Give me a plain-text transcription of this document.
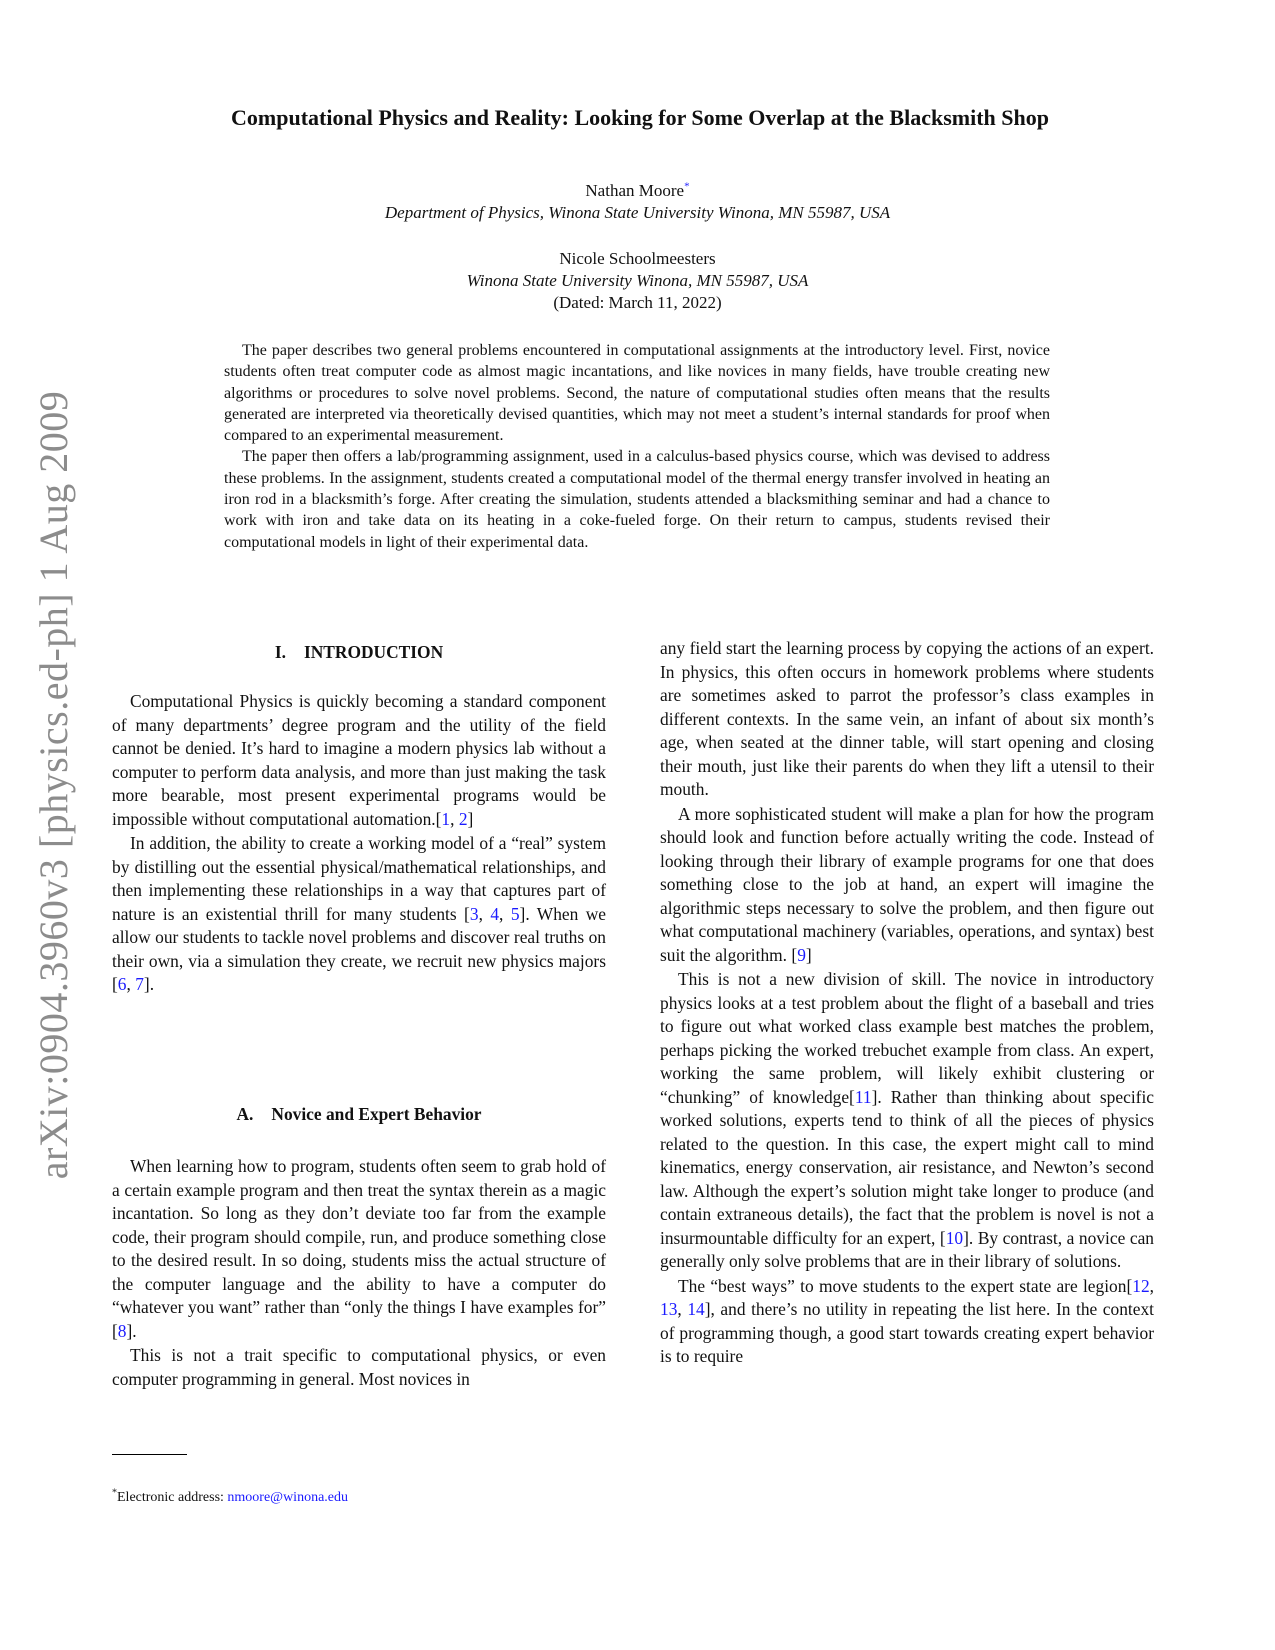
arXiv:0904.3960v3 [physics.ed-ph] 1 Aug 2009
Computational Physics and Reality: Looking for Some Overlap at the Blacksmith Shop
Nathan Moore*
Department of Physics, Winona State University Winona, MN 55987, USA
Nicole Schoolmeesters
Winona State University Winona, MN 55987, USA
(Dated: March 11, 2022)

The paper describes two general problems encountered in computational assignments at the introductory level. First, novice students often treat computer code as almost magic incantations, and like novices in many fields, have trouble creating new algorithms or procedures to solve novel problems. Second, the nature of computational studies often means that the results generated are interpreted via theoretically devised quantities, which may not meet a student’s internal standards for proof when compared to an experimental measurement.

The paper then offers a lab/programming assignment, used in a calculus-based physics course, which was devised to address these problems. In the assignment, students created a computational model of the thermal energy transfer involved in heating an iron rod in a blacksmith’s forge. After creating the simulation, students attended a blacksmithing seminar and had a chance to work with iron and take data on its heating in a coke-fueled forge. On their return to campus, students revised their computational models in light of their experimental data.

I. INTRODUCTION

Computational Physics is quickly becoming a standard component of many departments’ degree program and the utility of the field cannot be denied. It’s hard to imagine a modern physics lab without a computer to perform data analysis, and more than just making the task more bearable, most present experimental programs would be impossible without computational automation.[1, 2]

In addition, the ability to create a working model of a “real” system by distilling out the essential physical/mathematical relationships, and then implementing these relationships in a way that captures part of nature is an existential thrill for many students [3, 4, 5]. When we allow our students to tackle novel problems and discover real truths on their own, via a simulation they create, we recruit new physics majors [6, 7].

A. Novice and Expert Behavior

When learning how to program, students often seem to grab hold of a certain example program and then treat the syntax therein as a magic incantation. So long as they don’t deviate too far from the example code, their program should compile, run, and produce something close to the desired result. In so doing, students miss the actual structure of the computer language and the ability to have a computer do “whatever you want” rather than “only the things I have examples for” [8].

This is not a trait specific to computational physics, or even computer programming in general. Most novices in

*Electronic address: nmoore@winona.edu

any field start the learning process by copying the actions of an expert. In physics, this often occurs in homework problems where students are sometimes asked to parrot the professor’s class examples in different contexts. In the same vein, an infant of about six month’s age, when seated at the dinner table, will start opening and closing their mouth, just like their parents do when they lift a utensil to their mouth.

A more sophisticated student will make a plan for how the program should look and function before actually writing the code. Instead of looking through their library of example programs for one that does something close to the job at hand, an expert will imagine the algorithmic steps necessary to solve the problem, and then figure out what computational machinery (variables, operations, and syntax) best suit the algorithm. [9]

This is not a new division of skill. The novice in introductory physics looks at a test problem about the flight of a baseball and tries to figure out what worked class example best matches the problem, perhaps picking the worked trebuchet example from class. An expert, working the same problem, will likely exhibit clustering or “chunking” of knowledge[11]. Rather than thinking about specific worked solutions, experts tend to think of all the pieces of physics related to the question. In this case, the expert might call to mind kinematics, energy conservation, air resistance, and Newton’s second law. Although the expert’s solution might take longer to produce (and contain extraneous details), the fact that the problem is novel is not a insurmountable difficulty for an expert, [10]. By contrast, a novice can generally only solve problems that are in their library of solutions.

The “best ways” to move students to the expert state are legion[12, 13, 14], and there’s no utility in repeating the list here. In the context of programming though, a good start towards creating expert behavior is to require
